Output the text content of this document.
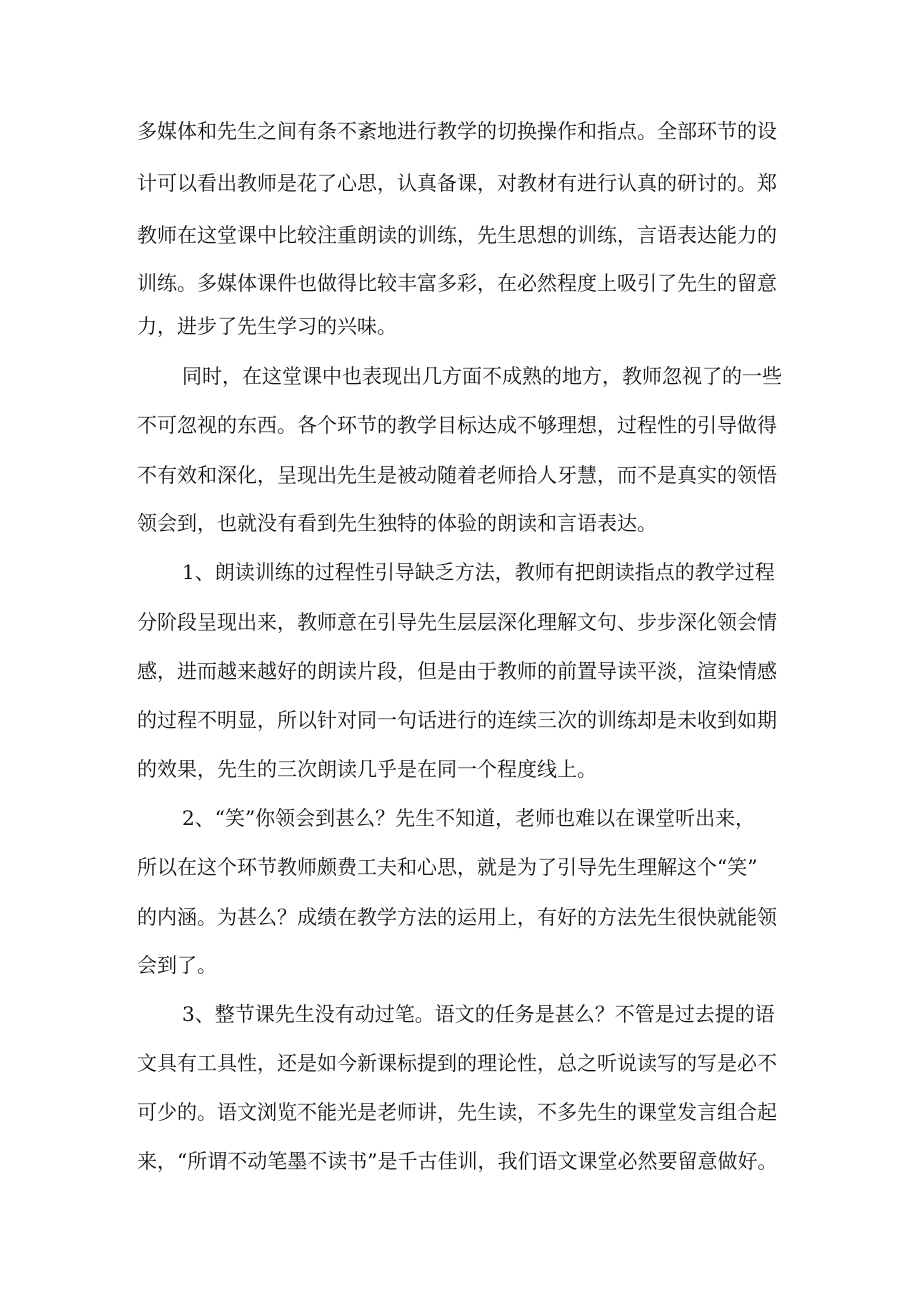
多媒体和先生之间有条不紊地进行教学的切换操作和指点。全部环节的设
计可以看出教师是花了心思，认真备课，对教材有进行认真的研讨的。郑
教师在这堂课中比较注重朗读的训练，先生思想的训练，言语表达能力的
训练。多媒体课件也做得比较丰富多彩，在必然程度上吸引了先生的留意
力，进步了先生学习的兴味。
同时，在这堂课中也表现出几方面不成熟的地方，教师忽视了的一些
不可忽视的东西。各个环节的教学目标达成不够理想，过程性的引导做得
不有效和深化，呈现出先生是被动随着老师拾人牙慧，而不是真实的领悟
领会到，也就没有看到先生独特的体验的朗读和言语表达。
1、朗读训练的过程性引导缺乏方法，教师有把朗读指点的教学过程
分阶段呈现出来，教师意在引导先生层层深化理解文句、步步深化领会情
感，进而越来越好的朗读片段，但是由于教师的前置导读平淡，渲染情感
的过程不明显，所以针对同一句话进行的连续三次的训练却是未收到如期
的效果，先生的三次朗读几乎是在同一个程度线上。
2、“笑”你领会到甚么？先生不知道，老师也难以在课堂听出来，
所以在这个环节教师颇费工夫和心思，就是为了引导先生理解这个“笑”
的内涵。为甚么？成绩在教学方法的运用上，有好的方法先生很快就能领
会到了。
3、整节课先生没有动过笔。语文的任务是甚么？不管是过去提的语
文具有工具性，还是如今新课标提到的理论性，总之听说读写的写是必不
可少的。语文浏览不能光是老师讲，先生读，不多先生的课堂发言组合起
来，“所谓不动笔墨不读书”是千古佳训，我们语文课堂必然要留意做好。
